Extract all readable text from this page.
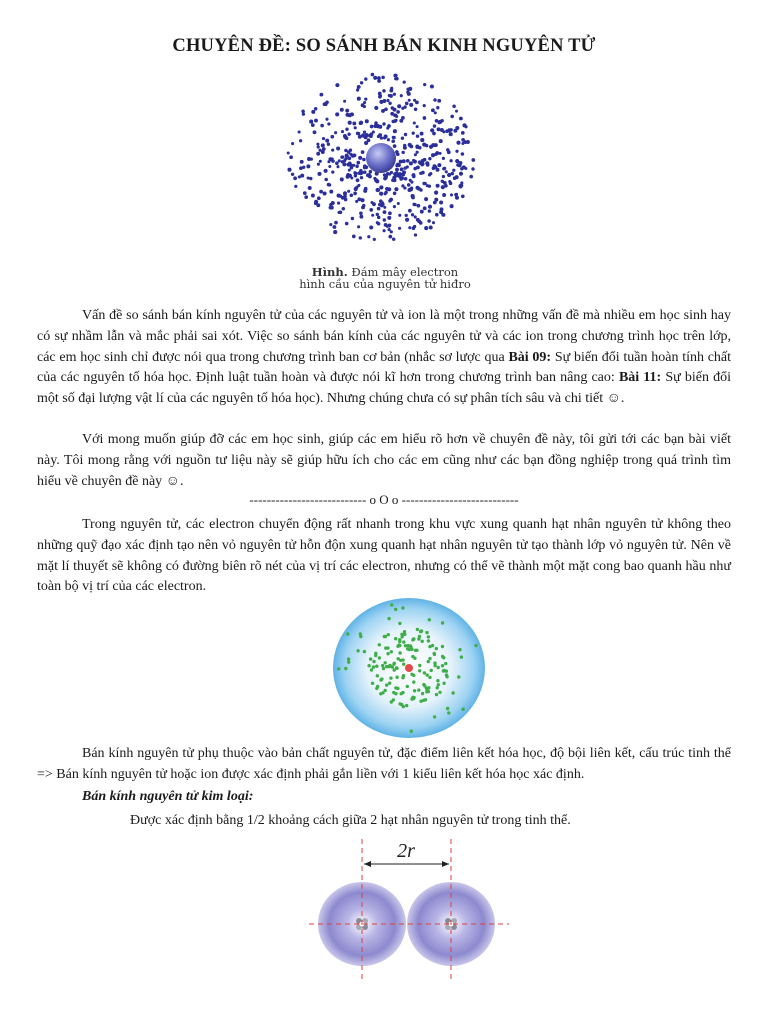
CHUYÊN ĐỀ: SO SÁNH BÁN KINH NGUYÊN TỬ
Hình. Đám mây electron
hình cầu của nguyên tử hiđro

Vấn đề so sánh bán kính nguyên tử của các nguyên tử và ion là một trong những vấn đề mà nhiều em học sinh hay có sự nhầm lẫn và mắc phải sai xót. Việc so sánh bán kính của các nguyên tử và các ion trong chương trình học trên lớp, các em học sinh chỉ được nói qua trong chương trình ban cơ bản (nhắc sơ lược qua Bài 09: Sự biến đổi tuần hoàn tính chất của các nguyên tố hóa học. Định luật tuần hoàn và được nói kĩ hơn trong chương trình ban nâng cao: Bài 11: Sự biến đổi một số đại lượng vật lí của các nguyên tố hóa học). Nhưng chúng chưa có sự phân tích sâu và chi tiết ☺.

Với mong muốn giúp đỡ các em học sinh, giúp các em hiểu rõ hơn về chuyên đề này, tôi gửi tới các bạn bài viết này. Tôi mong rằng với nguồn tư liệu này sẽ giúp hữu ích cho các em cũng như các bạn đồng nghiệp trong quá trình tìm hiểu về chuyên đề này ☺.

--------------------------- o O o ---------------------------

Trong nguyên tử, các electron chuyển động rất nhanh trong khu vực xung quanh hạt nhân nguyên tử không theo những quỹ đạo xác định tạo nên vỏ nguyên tử hỗn độn xung quanh hạt nhân nguyên tử tạo thành lớp vỏ nguyên tử. Nên về mặt lí thuyết sẽ không có đường biên rõ nét của vị trí các electron, nhưng có thể vẽ thành một mặt cong bao quanh hầu như toàn bộ vị trí của các electron.

Bán kính nguyên tử phụ thuộc vào bản chất nguyên tử, đặc điểm liên kết hóa học, độ bội liên kết, cấu trúc tinh thể => Bán kính nguyên tử hoặc ion được xác định phải gắn liền với 1 kiểu liên kết hóa học xác định.

Bán kính nguyên tử kim loại:

Được xác định bằng 1/2 khoảng cách giữa 2 hạt nhân nguyên tử trong tinh thể.

2r
